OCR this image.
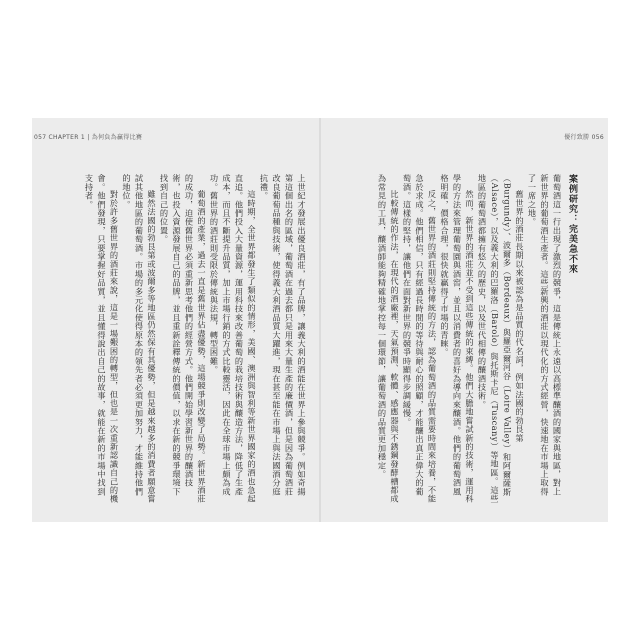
057 CHAPTER 1 | 為何負為贏得比賽

上世紀才發展出優良酒莊，有了品牌，讓義大利的酒能在世界上參與競爭。例如奇揚第這個出名的區域，葡萄酒在過去都只是用來大量生產的廉價酒，但是因為葡萄酒莊改良葡萄品種與技術，使得義大利酒品質大躍進，現在甚至能在市場上與法國酒分庭抗禮。

這時期，全世界都發生了類似的情形，美國、澳洲與智利等新世界國家的酒也急起直追。他們投入大量資源，運用科技來改善葡萄的栽培技術與釀造方法，降低了生產成本，而且不斷提升品質，加上市場行銷的方式比較靈活，因此在全球市場上頗為成功。舊世界的酒莊則受限於傳統與法規，轉型困難。

葡萄酒的產業，過去一直是舊世界佔盡優勢，這場競爭則改變了局勢。新世界酒莊的成功，迫使舊世界必須重新思考他們的經營方式。他們開始學習新世界的釀酒技術，也投入資源發展自己的品牌，並且重新詮釋傳統的價值，以求在新的競爭環境下找到自己的位置。

雖然法國的勃艮第或波爾多等地區仍然保有其優勢，但是越來越多的消費者願意嘗試其他地區的葡萄酒。市場的多元化使得原本的領先者必須更加努力，才能維持他們的地位。

對於許多舊世界的酒莊來說，這是一場艱困的轉型，但也是一次重新認識自己的機會。他們發現，只要掌握好品質，並且懂得說出自己的故事，就能在新的市場中找到支持者。

優行致勝 056

案例研究：完美急不來

葡萄酒這一行出現了激烈的競爭，這是傳統上永遠以高標準釀酒的國家與地區，對上新世界的葡萄酒生產者。這些新興的酒莊以現代化的方式經營，快速地在市場上取得了一席之地。

舊世界的酒莊長期以來被認為是品質的代名詞，例如法國的勃艮第（Burgundy）、波爾多（Bordeaux）與羅亞爾河谷（Loire Valley）和阿爾薩斯（Alsace），以及義大利的巴羅洛（Barolo）與托斯卡尼（Tuscany）等地區。這些地區的葡萄酒都擁有悠久的歷史，以及世代相傳的釀酒技術。

然而，新世界的酒莊並不受到這些傳統的束縛。他們大膽地嘗試新的技術，運用科學的方法來管理葡萄園與酒窖，並且以消費者的喜好為導向來釀酒。他們的葡萄酒風格明確，價格合理，很快就贏得了市場的青睞。

反之，舊世界的酒莊則堅持傳統的方法，認為葡萄酒的品質需要時間來培養，不能急於求成。他們相信，只有經過長時間的等待與耐心的照顧，才能釀出真正偉大的葡萄酒。這樣的堅持，讓他們在面對新世界的競爭時顯得步調緩慢。

比較傳統的作法，在現代的酒廠裡，天氣預測、軟體、感應器與不銹鋼發酵槽都成為常見的工具，釀酒師能夠精確地掌控每一個環節，讓葡萄酒的品質更加穩定。
